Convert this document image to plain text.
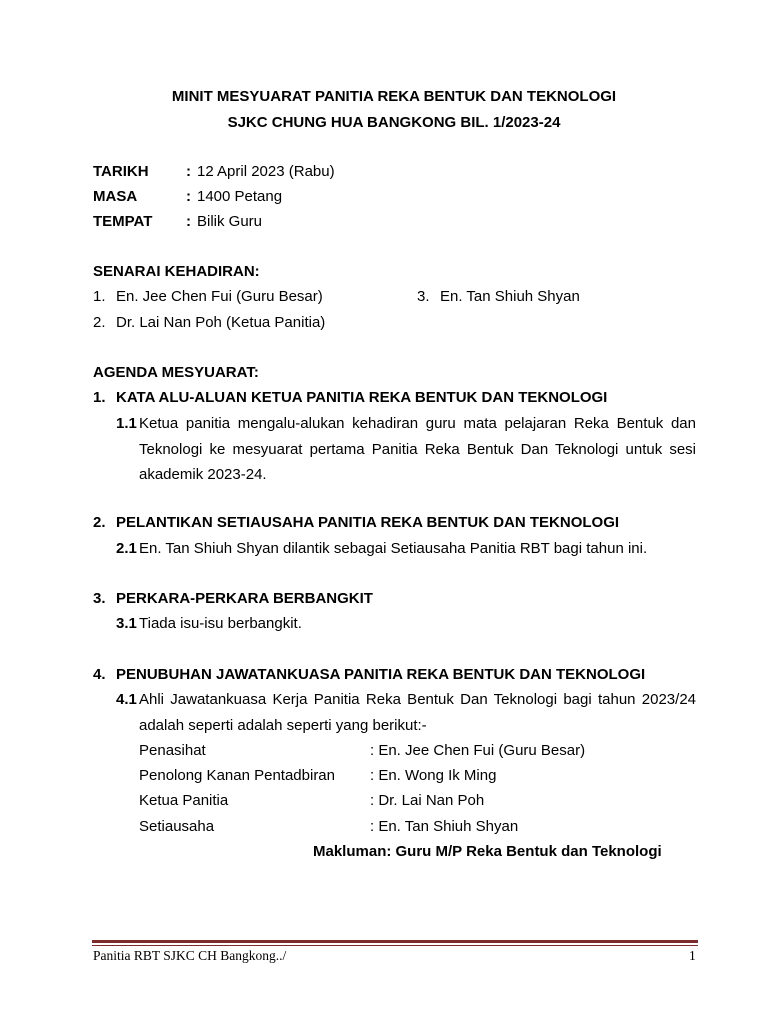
MINIT MESYUARAT PANITIA REKA BENTUK DAN TEKNOLOGI
SJKC CHUNG HUA BANGKONG BIL. 1/2023-24
TARIKH : 12 April 2023 (Rabu)
MASA	: 1400 Petang
TEMPAT : Bilik Guru
SENARAI KEHADIRAN:
1. En. Jee Chen Fui (Guru Besar)
2. Dr. Lai Nan Poh (Ketua Panitia)
3. En. Tan Shiuh Shyan
AGENDA MESYUARAT:
1. KATA ALU-ALUAN KETUA PANITIA REKA BENTUK DAN TEKNOLOGI
1.1 Ketua panitia mengalu-alukan kehadiran guru mata pelajaran Reka Bentuk dan Teknologi ke mesyuarat pertama Panitia Reka Bentuk Dan Teknologi untuk sesi akademik 2023-24.
2. PELANTIKAN SETIAUSAHA PANITIA REKA BENTUK DAN TEKNOLOGI
2.1 En. Tan Shiuh Shyan dilantik sebagai Setiausaha Panitia RBT bagi tahun ini.
3. PERKARA-PERKARA BERBANGKIT
3.1 Tiada isu-isu berbangkit.
4. PENUBUHAN JAWATANKUASA PANITIA REKA BENTUK DAN TEKNOLOGI
4.1 Ahli Jawatankuasa Kerja Panitia Reka Bentuk Dan Teknologi bagi tahun 2023/24 adalah seperti adalah seperti yang berikut:-
Penasihat	: En. Jee Chen Fui (Guru Besar)
Penolong Kanan Pentadbiran : En. Wong Ik Ming
Ketua Panitia	: Dr. Lai Nan Poh
Setiausaha	: En. Tan Shiuh Shyan
Makluman: Guru M/P Reka Bentuk dan Teknologi
Panitia RBT SJKC CH Bangkong../	1
